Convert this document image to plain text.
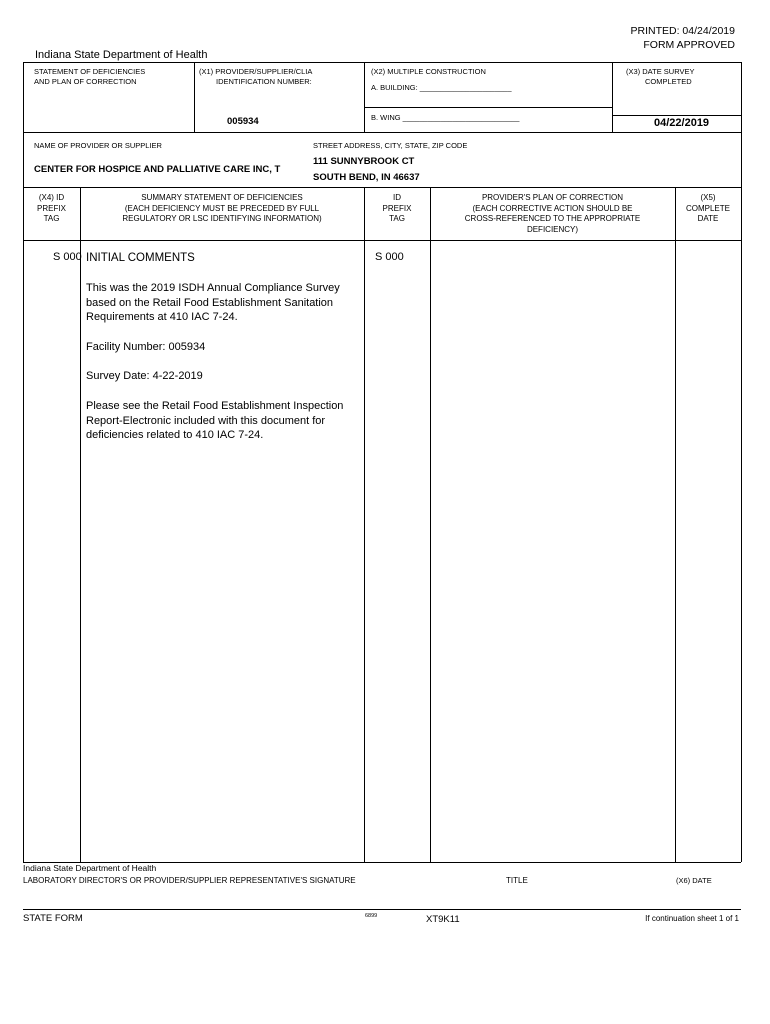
PRINTED: 04/24/2019
FORM APPROVED
Indiana State Department of Health
STATEMENT OF DEFICIENCIES
AND PLAN OF CORRECTION
(X1) PROVIDER/SUPPLIER/CLIA
IDENTIFICATION NUMBER:
005934
(X2) MULTIPLE CONSTRUCTION
A. BUILDING: ______________________
B. WING ____________________________
(X3) DATE SURVEY
COMPLETED
04/22/2019
NAME OF PROVIDER OR SUPPLIER
CENTER FOR HOSPICE AND PALLIATIVE CARE INC, T
STREET ADDRESS, CITY, STATE, ZIP CODE
111 SUNNYBROOK CT
SOUTH BEND, IN 46637
(X4) ID
PREFIX
TAG
SUMMARY STATEMENT OF DEFICIENCIES
(EACH DEFICIENCY MUST BE PRECEDED BY FULL
REGULATORY OR LSC IDENTIFYING INFORMATION)
ID
PREFIX
TAG
PROVIDER'S PLAN OF CORRECTION
(EACH CORRECTIVE ACTION SHOULD BE
CROSS-REFERENCED TO THE APPROPRIATE
DEFICIENCY)
(X5)
COMPLETE
DATE
S 000 INITIAL COMMENTS	S 000
This was the 2019 ISDH Annual Compliance Survey based on the Retail Food Establishment Sanitation Requirements at 410 IAC 7-24.
Facility Number: 005934
Survey Date: 4-22-2019
Please see the Retail Food Establishment Inspection Report-Electronic included with this document for deficiencies related to 410 IAC 7-24.
Indiana State Department of Health
LABORATORY DIRECTOR'S OR PROVIDER/SUPPLIER REPRESENTATIVE'S SIGNATURE	TITLE	(X6) DATE
STATE FORM	6899	XT9K11	If continuation sheet 1 of 1
